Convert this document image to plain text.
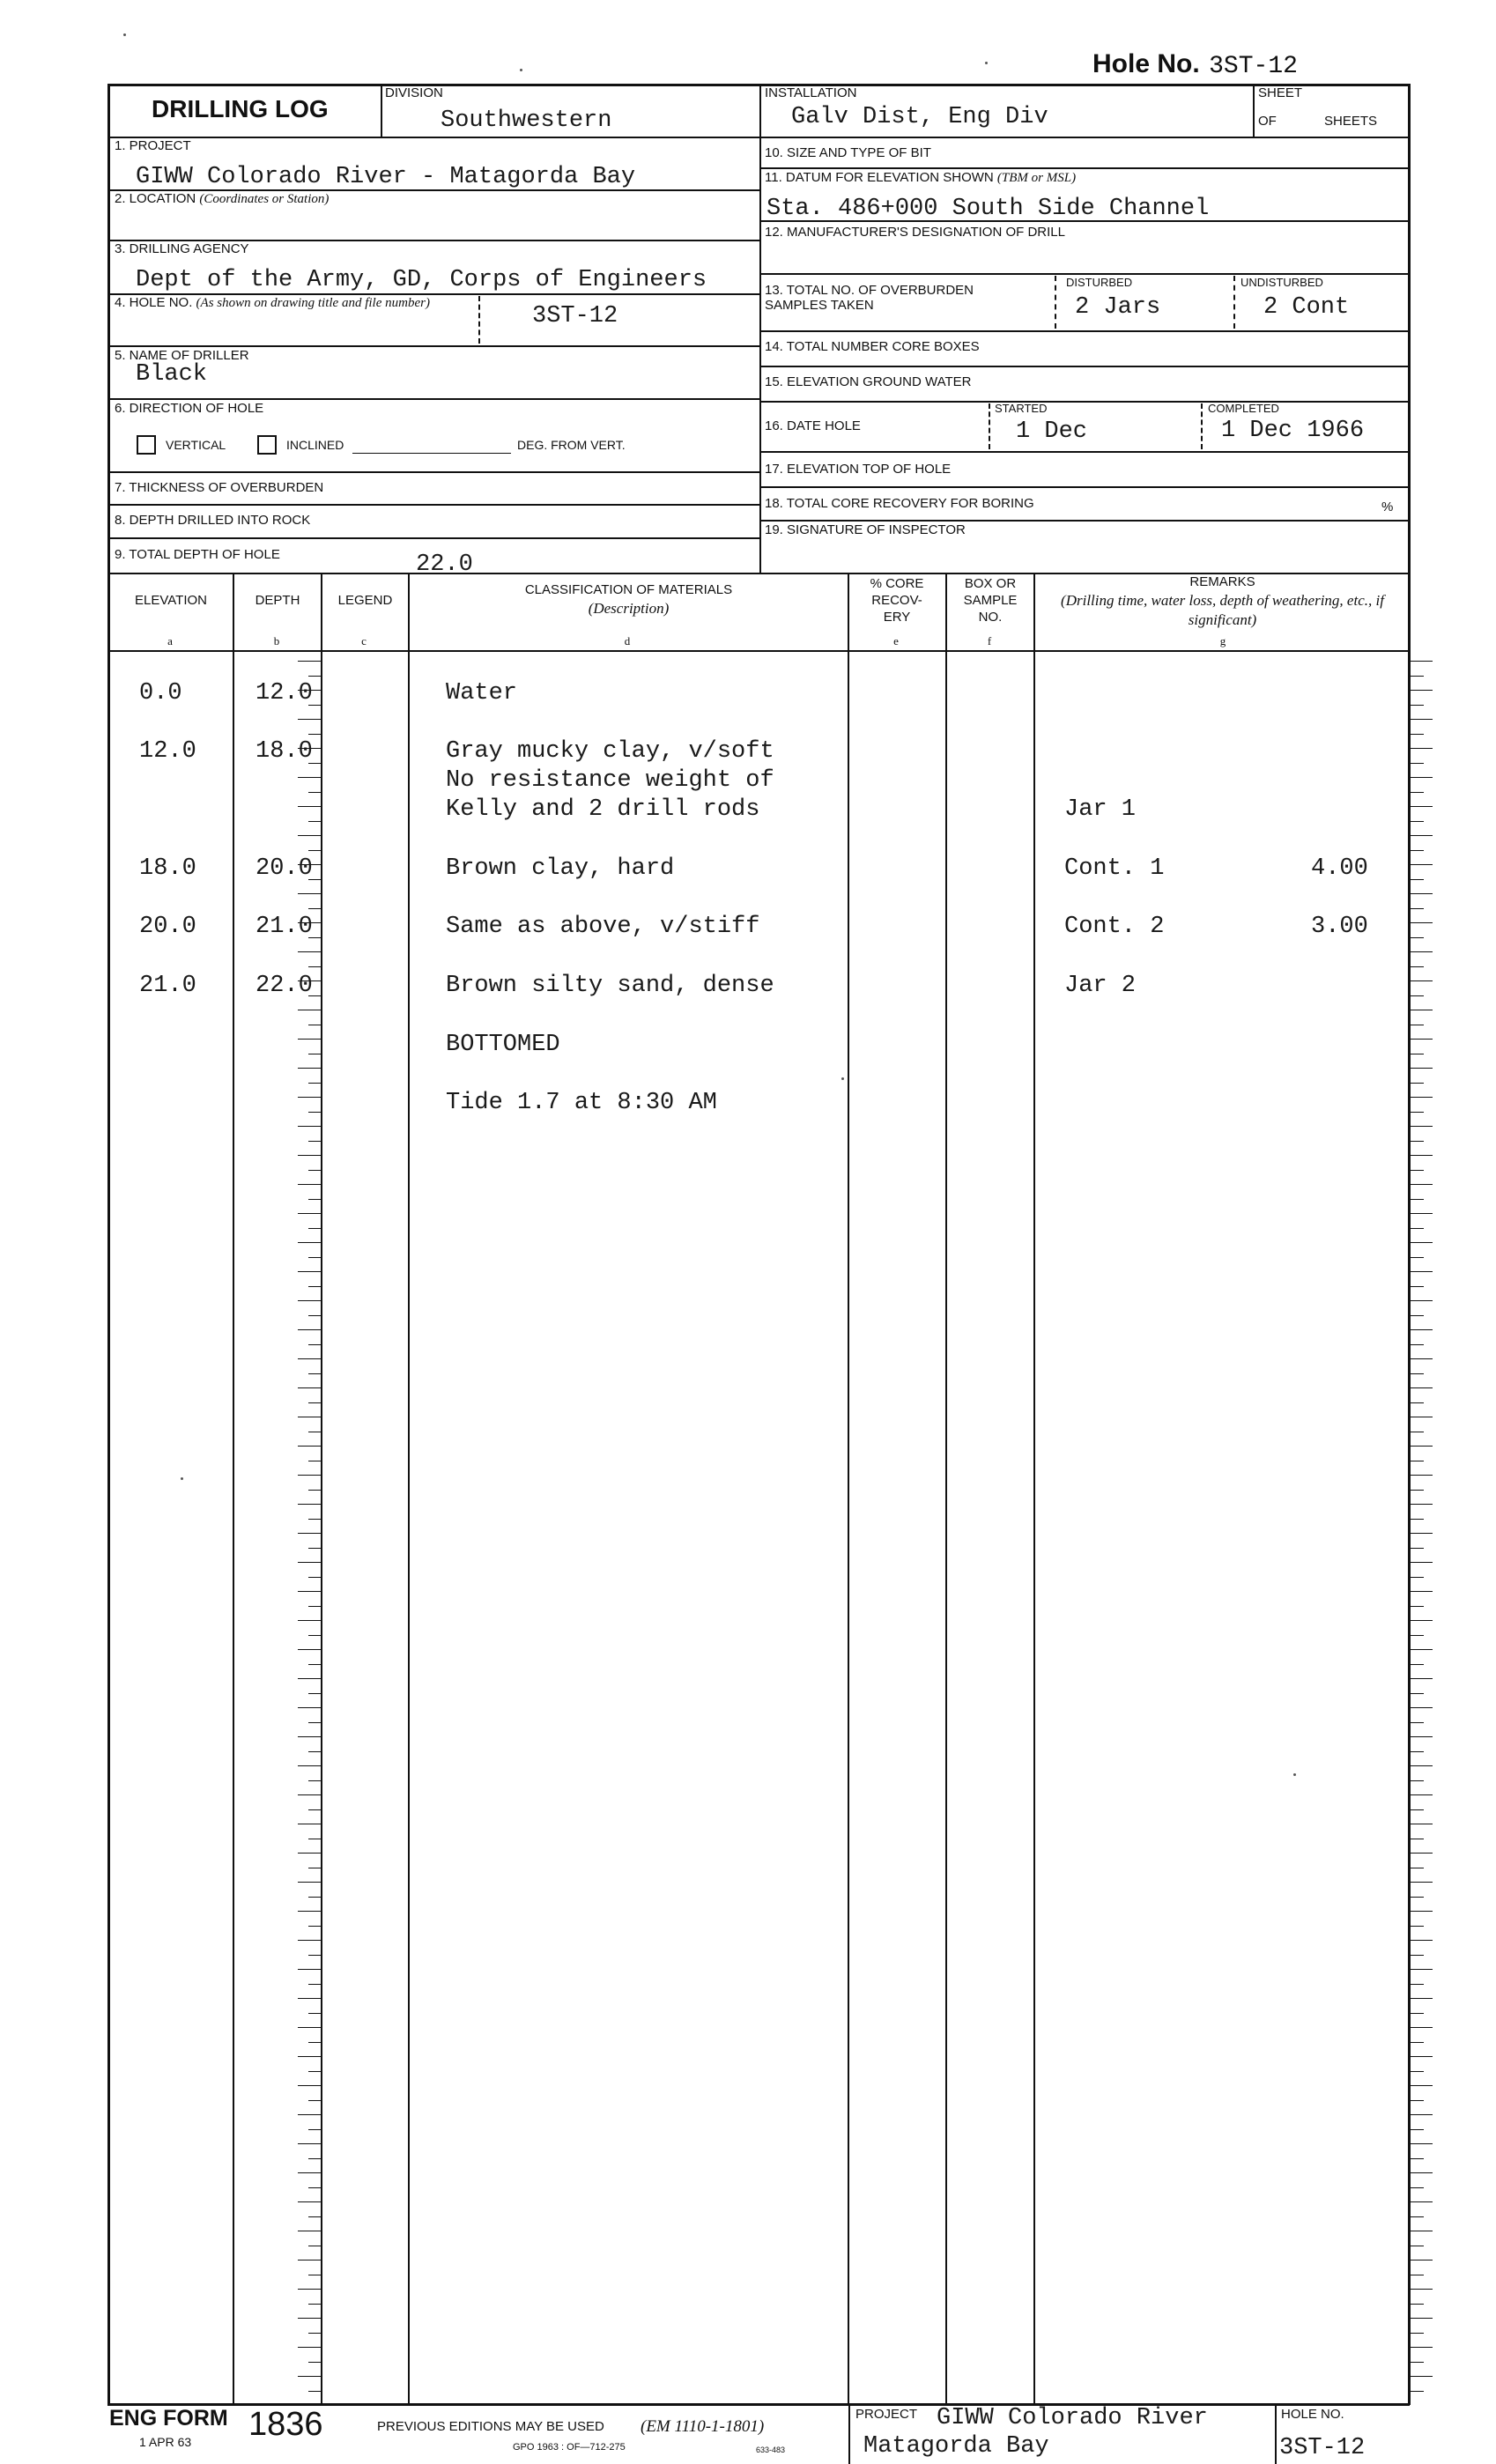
Hole No. 3ST-12
DRILLING LOG
DIVISION
Southwestern
INSTALLATION
Galv Dist, Eng Div
SHEET
OF	SHEETS
1. PROJECT
GIWW Colorado River - Matagorda Bay
2. LOCATION (Coordinates or Station)
3. DRILLING AGENCY
Dept of the Army, GD, Corps of Engineers
4. HOLE NO. (As shown on drawing title and file number)	3ST-12
5. NAME OF DRILLER
Black
6. DIRECTION OF HOLE
VERTICAL	INCLINED	DEG. FROM VERT.
7. THICKNESS OF OVERBURDEN
8. DEPTH DRILLED INTO ROCK
9. TOTAL DEPTH OF HOLE	22.0
10. SIZE AND TYPE OF BIT
11. DATUM FOR ELEVATION SHOWN (TBM or MSL)
Sta. 486+000 South Side Channel
12. MANUFACTURER'S DESIGNATION OF DRILL
13. TOTAL NO. OF OVERBURDEN SAMPLES TAKEN
DISTURBED
2 Jars
UNDISTURBED
2 Cont
14. TOTAL NUMBER CORE BOXES
15. ELEVATION GROUND WATER
16. DATE HOLE
STARTED
1 Dec
COMPLETED
1 Dec 1966
17. ELEVATION TOP OF HOLE
18. TOTAL CORE RECOVERY FOR BORING	%
19. SIGNATURE OF INSPECTOR
ELEVATION	DEPTH	LEGEND
CLASSIFICATION OF MATERIALS
(Description)
% CORE RECOV- ERY
BOX OR SAMPLE NO.
REMARKS
(Drilling time, water loss, depth of weathering, etc., if significant)
a	b	c	d	e	f	g
0.0	12.0	Water
12.0 18.0	Gray mucky clay, v/soft
No resistance weight of
Kelly and 2 drill rods	Jar 1
18.0 20.0	Brown clay, hard	Cont. 1	4.00
20.0 21.0	Same as above, v/stiff	Cont. 2	3.00
21.0 22.0	Brown silty sand, dense	Jar 2
BOTTOMED
Tide 1.7 at 8:30 AM
ENG FORM 1836
1 APR 63
PREVIOUS EDITIONS MAY BE USED (EM 1110-1-1801)
GPO 1963 : OF—712-275	633-483
PROJECT GIWW Colorado River
Matagorda Bay
HOLE NO.
3ST-12
